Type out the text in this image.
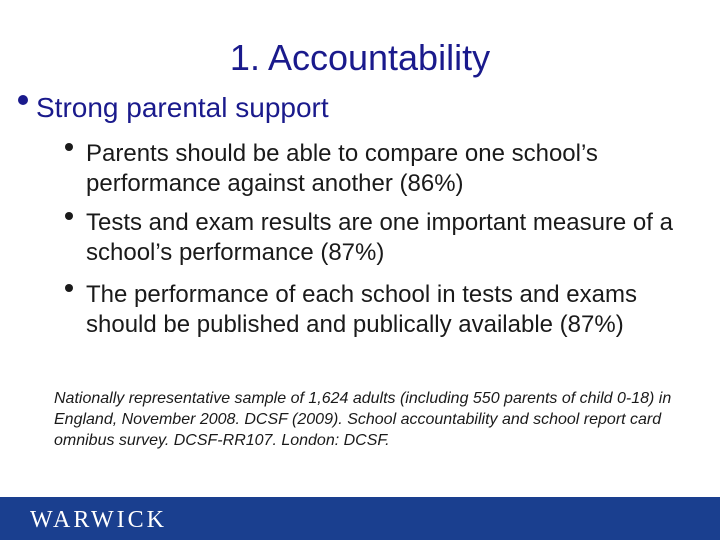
1. Accountability
Strong parental support
Parents should be able to compare one school’s performance against another (86%)
Tests and exam results are one important measure of a school’s performance (87%)
The performance of each school in tests and exams should be published and publically available (87%)
Nationally representative sample of 1,624 adults (including 550 parents of child 0-18) in England, November 2008. DCSF (2009). School accountability and school report card omnibus survey. DCSF-RR107. London: DCSF.
WARWICK
